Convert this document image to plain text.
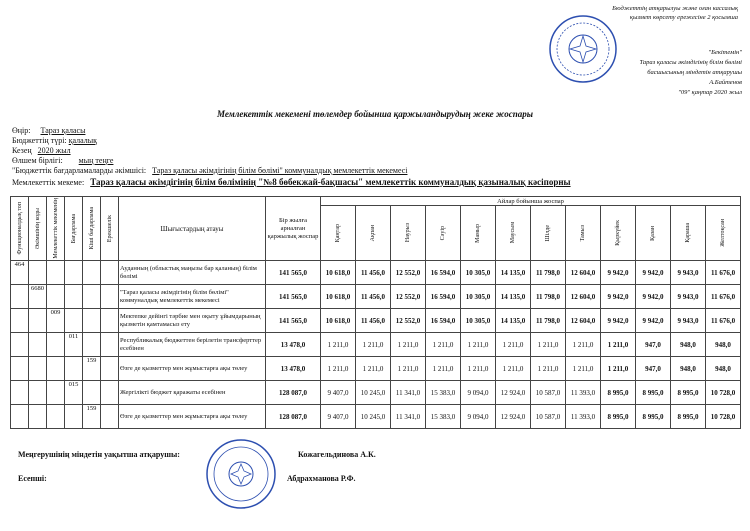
Бюджеттің атқарылуы және оған кассалық
қызмет көрсету ережесіне 2 қосымша
"Бекітемін"
Тараз қаласы әкімдігінің білім бөлімі
басшысының міндетін атқарушы
А.Байтенов
"09" қаңтар 2020 жыл
Мемлекеттік мекемені төлемдер бойынша қаржыландырудың жеке жоспары
Өңір: Тараз қаласы
Бюджеттің түрі: қалалық
Кезең 2020 жыл
Өлшем бірлігі: мың теңге
"Бюджеттік бағдарламаларды әкімшісі: Тараз қаласы әкімдігінің білім бөлімі" коммуналдық мемлекеттік мекемесі
Мемлекеттік мекеме: Тараз қаласы әкімдігінің білім бөлімінің "№8 бөбекжай-бақшасы" мемлекеттік коммуналдық қазыналық кәсіпорны
Функционалдық топ	Әкімшінің коды	Мемлекеттік мекеменің	Бағдарлама	Кіші бағдарлама	Ерекшелік	Шығыстардың атауы	Бір жылға арналған қаржылық жоспар	Айлар бойынша жоспар											

								Қаңтар	Ақпан	Наурыз	Сәуір	Мамыр	Маусым	Шілде	Тамыз	Қыркүйек	Қазан	Қараша	Желтоқсан

464						Ауданның (облыстық маңызы бар қаланың) білім бөлімі	141 565,0	10 618,0	11 456,0	12 552,0	16 594,0	10 305,0	14 135,0	11 798,0	12 604,0	9 942,0	9 942,0	9 943,0	11 676,0
	6680					"Тараз қаласы әкімдігінің білім бөлімі" коммуналдық мемлекеттік мекемесі	141 565,0	10 618,0	11 456,0	12 552,0	16 594,0	10 305,0	14 135,0	11 798,0	12 604,0	9 942,0	9 942,0	9 943,0	11 676,0
		009				Мектепке дейінгі тәрбие мен оқыту ұйымдарының қызметін қамтамасыз ету	141 565,0	10 618,0	11 456,0	12 552,0	16 594,0	10 305,0	14 135,0	11 798,0	12 604,0	9 942,0	9 942,0	9 943,0	11 676,0
			011			Республикалық бюджеттен берілетін трансферттер есебінен	13 478,0	1 211,0	1 211,0	1 211,0	1 211,0	1 211,0	1 211,0	1 211,0	1 211,0	1 211,0	947,0	948,0	948,0
				159		Өзге де қызметтер мен жұмыстарға ақы төлеу	13 478,0	1 211,0	1 211,0	1 211,0	1 211,0	1 211,0	1 211,0	1 211,0	1 211,0	1 211,0	947,0	948,0	948,0
			015			Жергілікті бюджет қаражаты есебінен	128 087,0	9 407,0	10 245,0	11 341,0	15 383,0	9 094,0	12 924,0	10 587,0	11 393,0	8 995,0	8 995,0	8 995,0	10 728,0
				159		Өзге де қызметтер мен жұмыстарға ақы төлеу	128 087,0	9 407,0	10 245,0	11 341,0	15 383,0	9 094,0	12 924,0	10 587,0	11 393,0	8 995,0	8 995,0	8 995,0	10 728,0
Меңгерушінің міндетін уақытша атқарушы:	Кожагельдинова А.К.
Есепші:	Абдрахманова Р.Ф.
